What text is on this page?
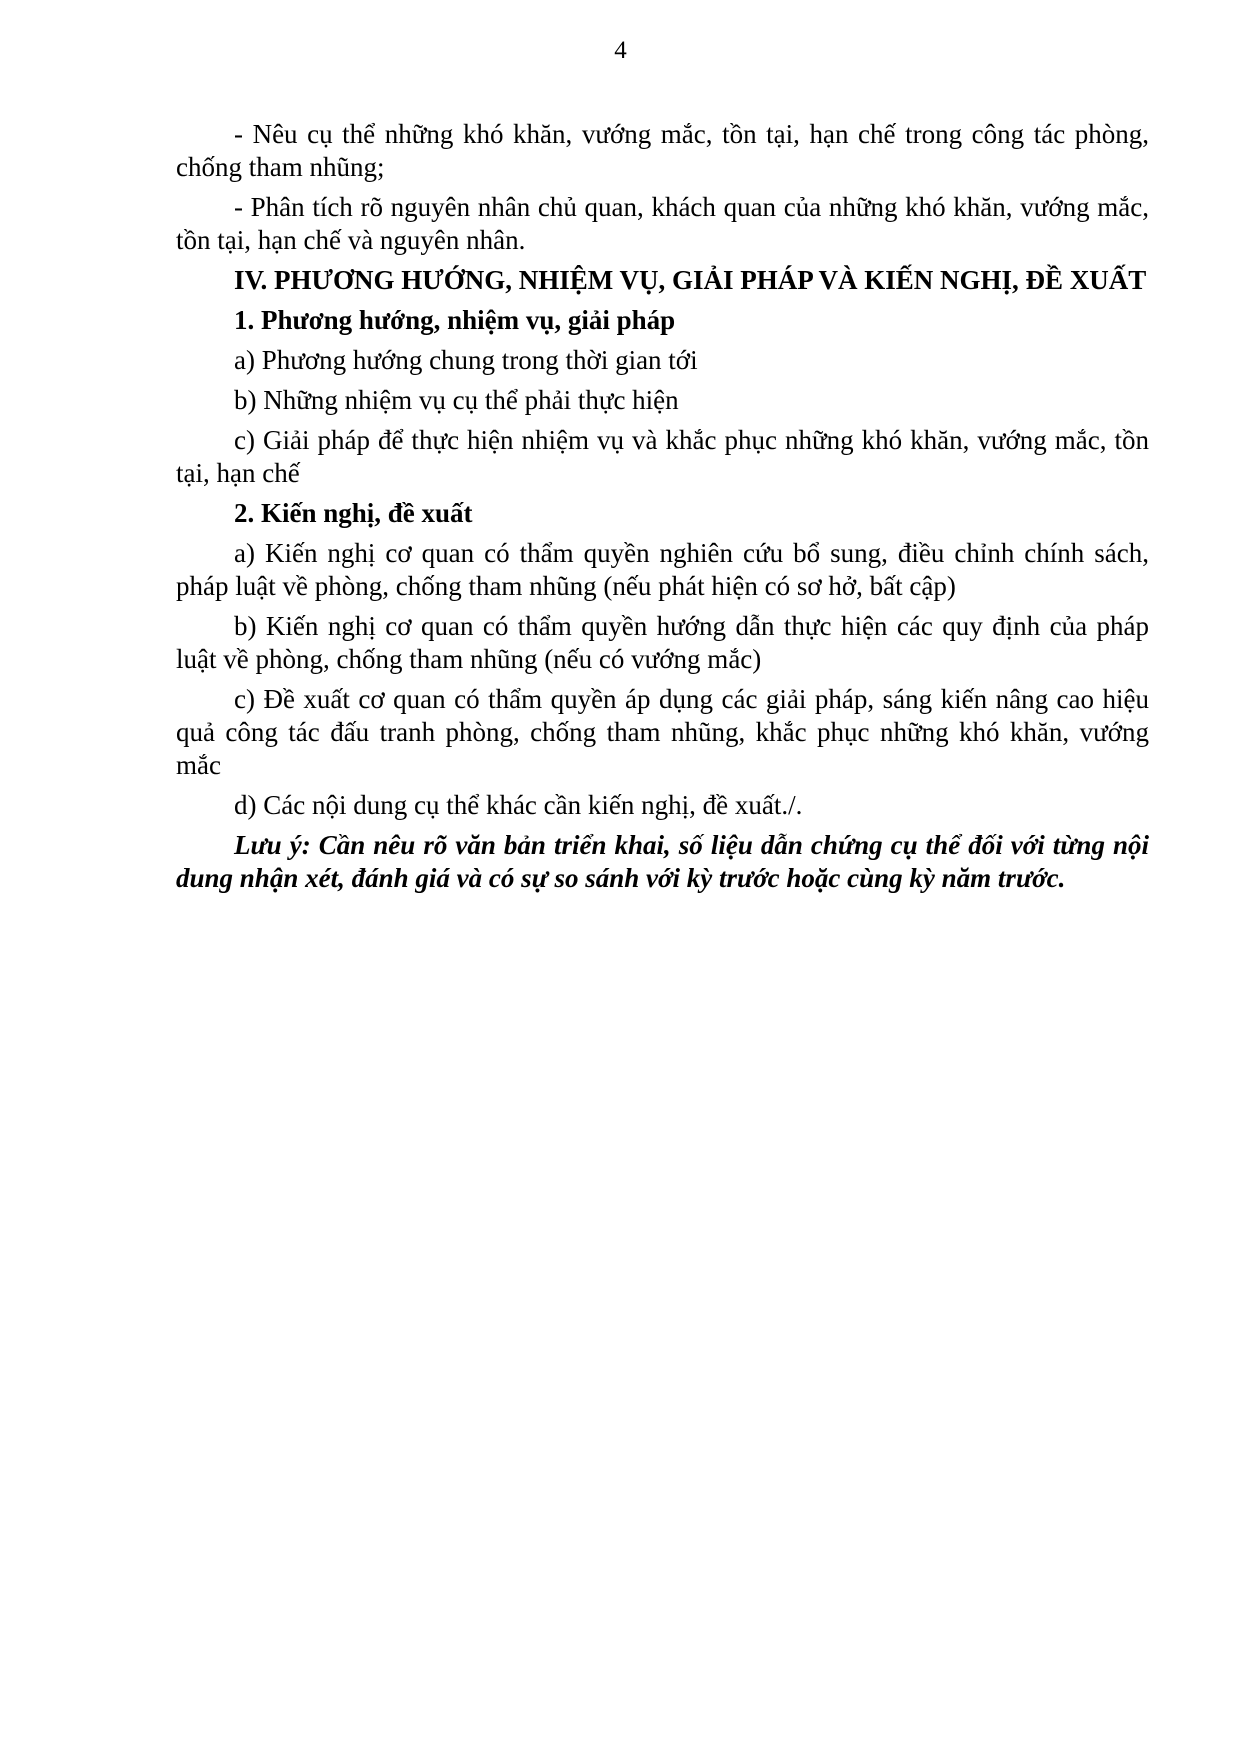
4

- Nêu cụ thể những khó khăn, vướng mắc, tồn tại, hạn chế trong công tác phòng, chống tham nhũng;

- Phân tích rõ nguyên nhân chủ quan, khách quan của những khó khăn, vướng mắc, tồn tại, hạn chế và nguyên nhân.

IV. PHƯƠNG HƯỚNG, NHIỆM VỤ, GIẢI PHÁP VÀ KIẾN NGHỊ, ĐỀ XUẤT

1. Phương hướng, nhiệm vụ, giải pháp

a) Phương hướng chung trong thời gian tới

b) Những nhiệm vụ cụ thể phải thực hiện

c) Giải pháp để thực hiện nhiệm vụ và khắc phục những khó khăn, vướng mắc, tồn tại, hạn chế

2. Kiến nghị, đề xuất

a) Kiến nghị cơ quan có thẩm quyền nghiên cứu bổ sung, điều chỉnh chính sách, pháp luật về phòng, chống tham nhũng (nếu phát hiện có sơ hở, bất cập)

b) Kiến nghị cơ quan có thẩm quyền hướng dẫn thực hiện các quy định của pháp luật về phòng, chống tham nhũng (nếu có vướng mắc)

c) Đề xuất cơ quan có thẩm quyền áp dụng các giải pháp, sáng kiến nâng cao hiệu quả công tác đấu tranh phòng, chống tham nhũng, khắc phục những khó khăn, vướng mắc

d) Các nội dung cụ thể khác cần kiến nghị, đề xuất./.

Lưu ý: Cần nêu rõ văn bản triển khai, số liệu dẫn chứng cụ thể đối với từng nội dung nhận xét, đánh giá và có sự so sánh với kỳ trước hoặc cùng kỳ năm trước.
